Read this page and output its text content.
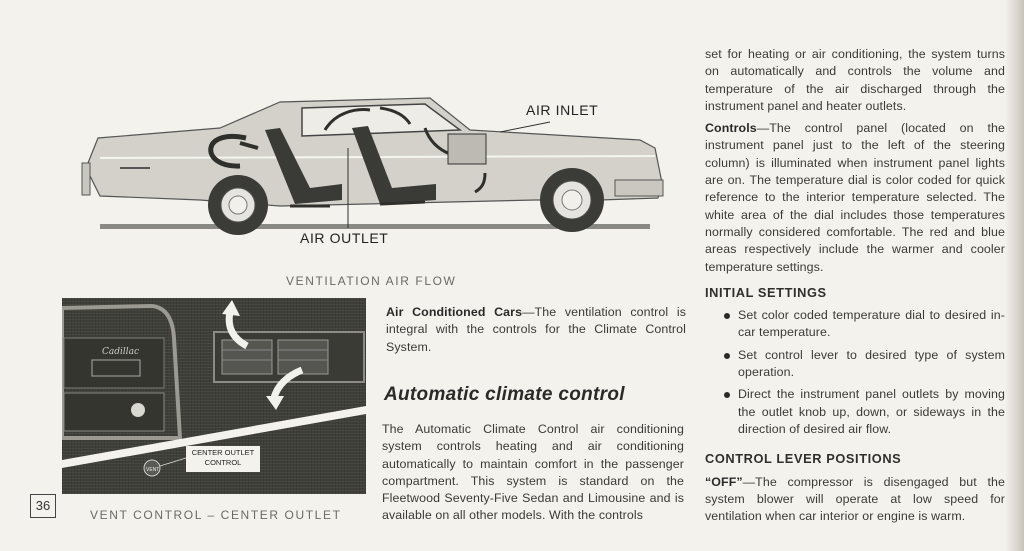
AIR INLET
AIR OUTLET
VENTILATION AIR FLOW
Cadillac
VENT
CENTER OUTLET CONTROL
36
VENT CONTROL – CENTER OUTLET

Air Conditioned Cars—The ventilation control is integral with the controls for the Climate Control System.

Automatic climate control
The Automatic Climate Control air conditioning system controls heating and air conditioning automatically to maintain comfort in the passenger compartment. This system is standard on the Fleetwood Seventy-Five Sedan and Limousine and is available on all other models. With the controls

set for heating or air conditioning, the system turns on automatically and controls the volume and temperature of the air discharged through the instrument panel and heater outlets.

Controls—The control panel (located on the instrument panel just to the left of the steering column) is illuminated when instrument panel lights are on. The temperature dial is color coded for quick reference to the interior temperature selected. The white area of the dial includes those temperatures normally considered comfortable. The red and blue areas respectively include the warmer and cooler temperature settings.

INITIAL SETTINGS
Set color coded temperature dial to desired in-car temperature.
Set control lever to desired type of system operation.
Direct the instrument panel outlets by moving the outlet knob up, down, or sideways in the direction of desired air flow.
CONTROL LEVER POSITIONS

“OFF”—The compressor is disengaged but the system blower will operate at low speed for ventilation when car interior or engine is warm.
